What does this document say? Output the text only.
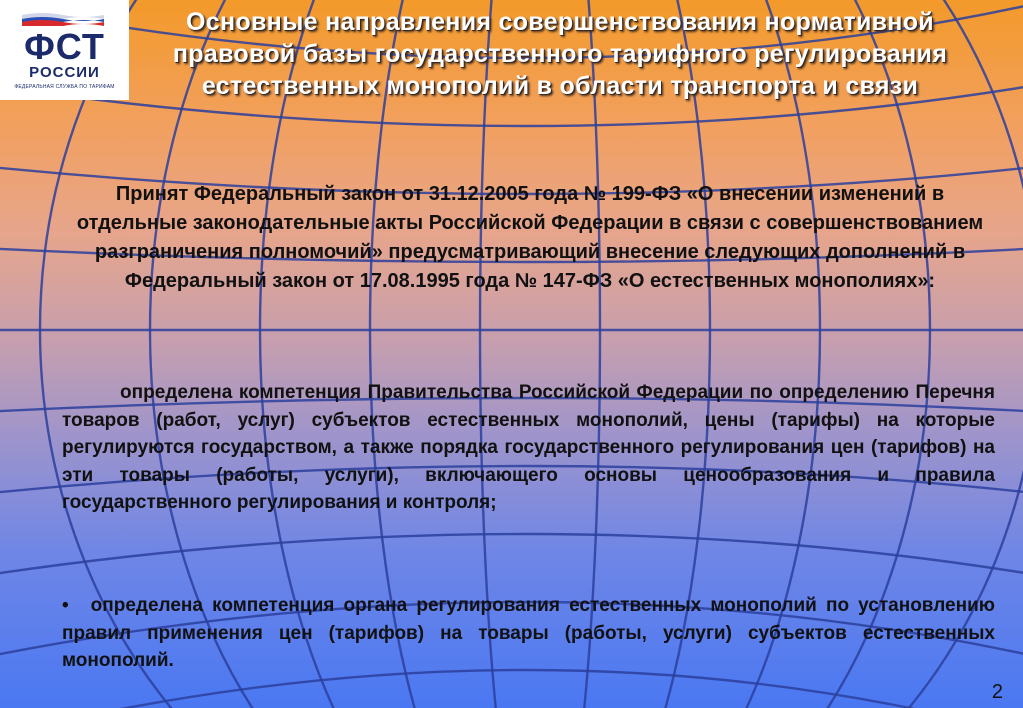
ФСТ
РОССИИ
ФЕДЕРАЛЬНАЯ СЛУЖБА ПО ТАРИФАМ
Основные направления совершенствования нормативной правовой базы государственного тарифного регулирования естественных монополий в области транспорта и связи
Принят Федеральный закон от 31.12.2005 года № 199-ФЗ «О внесении изменений в отдельные законодательные акты Российской Федерации в связи с совершенствованием разграничения полномочий» предусматривающий внесение следующих дополнений в Федеральный закон от 17.08.1995 года № 147-ФЗ «О естественных монополиях»:
определена компетенция Правительства Российской Федерации по определению Перечня товаров (работ, услуг) субъектов естественных монополий, цены (тарифы) на которые регулируются государством, а также порядка государственного регулирования цен (тарифов) на эти товары (работы, услуги), включающего основы ценообразования и правила государственного регулирования и контроля;
• определена компетенция органа регулирования естественных монополий по установлению правил применения цен (тарифов) на товары (работы, услуги) субъектов естественных монополий.
2
